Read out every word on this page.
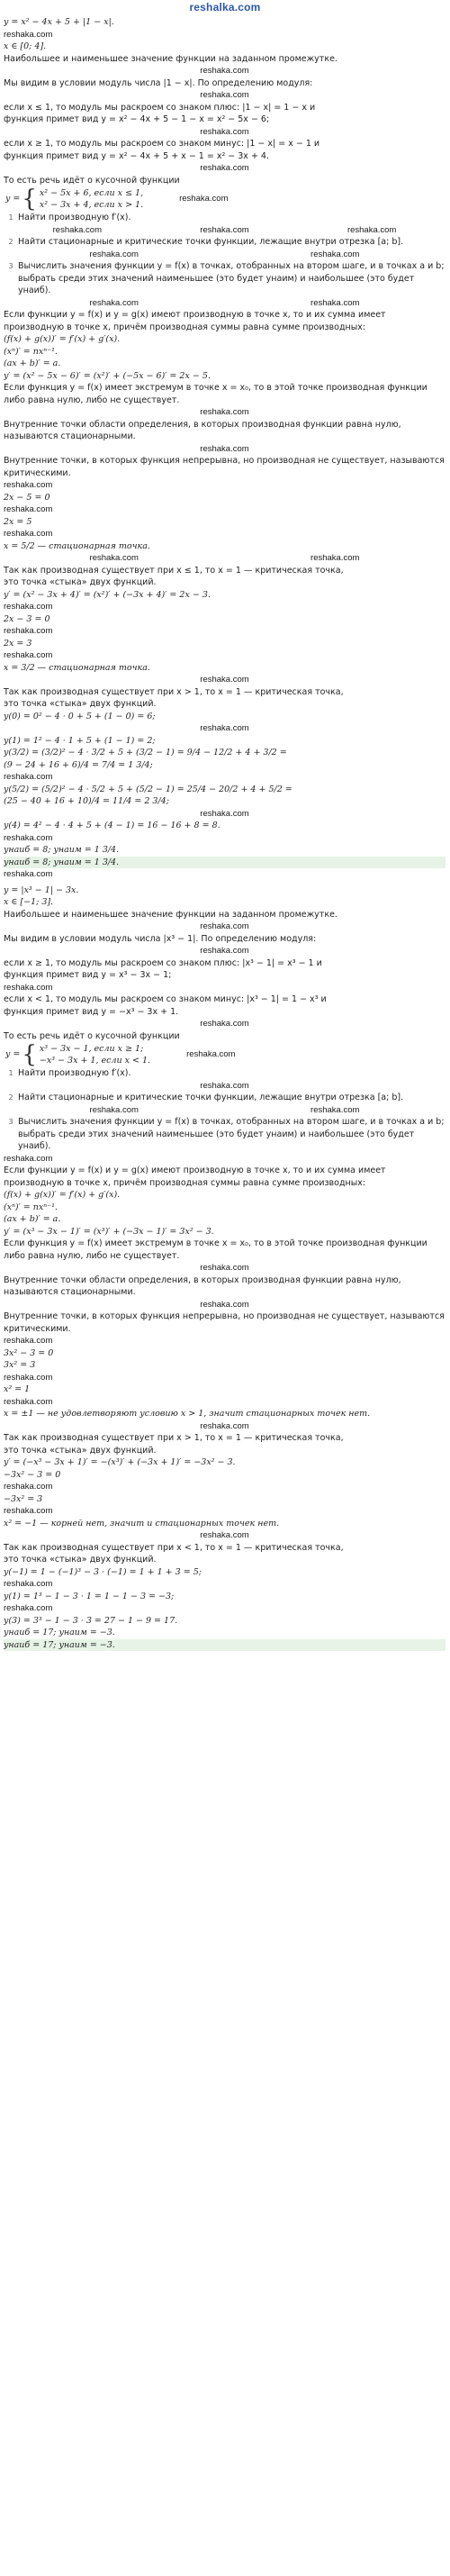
reshalka.com
y = x² − 4x + 5 + |1 − x|.
reshaka.com
x ∈ [0; 4].
Наибольшее и наименьшее значение функции на заданном промежутке.
reshaka.com
Мы видим в условии модуль числа |1 − x|. По определению модуля:
reshaka.com
если x ≤ 1, то модуль мы раскроем со знаком плюс: |1 − x| = 1 − x и
функция примет вид y = x² − 4x + 5 − 1 − x = x² − 5x − 6;
reshaka.com
если x ≥ 1, то модуль мы раскроем со знаком минус: |1 − x| = x − 1 и
функция примет вид y = x² − 4x + 5 + x − 1 = x² − 3x + 4.
reshaka.com
То есть речь идёт о кусочной функции
y = { x² − 5x + 6, если x ≤ 1,
x² − 3x + 4, если x > 1.
reshaka.com
1 Найти производную f′(x).
reshaka.com	reshaka.com	reshaka.com
2 Найти стационарные и критические точки функции, лежащие внутри отрезка [a; b].
reshaka.com	reshaka.com
3 Вычислить значения функции y = f(x) в точках, отобранных на втором шаге, и в точках a и b; выбрать среди этих значений наименьшее (это будет yнаим) и наибольшее (это будет yнаиб).
reshaka.com	reshaka.com
Если функции y = f(x) и y = g(x) имеют производную в точке x, то и их сумма имеет производную в точке x, причём производная суммы равна сумме производных:
(f(x) + g(x))′ = f′(x) + g′(x).
(xⁿ)′ = nxⁿ⁻¹.
(ax + b)′ = a.
y′ = (x² − 5x − 6)′ = (x²)′ + (−5x − 6)′ = 2x − 5.
Если функция y = f(x) имеет экстремум в точке x = x₀, то в этой точке производная функции либо равна нулю, либо не существует.
reshaka.com
Внутренние точки области определения, в которых производная функции равна нулю, называются стационарными.
reshaka.com
Внутренние точки, в которых функция непрерывна, но производная не существует, называются критическими.
reshaka.com
2x − 5 = 0
reshaka.com
2x = 5
reshaka.com
x = 5/2 — стационарная точка.
reshaka.com	reshaka.com
Так как производная существует при x ≤ 1, то x = 1 — критическая точка,
это точка «стыка» двух функций.
y′ = (x² − 3x + 4)′ = (x²)′ + (−3x + 4)′ = 2x − 3.
reshaka.com
2x − 3 = 0
reshaka.com
2x = 3
reshaka.com
x = 3/2 — стационарная точка.
reshaka.com
Так как производная существует при x > 1, то x = 1 — критическая точка,
это точка «стыка» двух функций.
y(0) = 0² − 4 · 0 + 5 + (1 − 0) = 6;
reshaka.com
y(1) = 1² − 4 · 1 + 5 + (1 − 1) = 2;
y(3/2) = (3/2)² − 4 · 3/2 + 5 + (3/2 − 1) = 9/4 − 12/2 + 4 + 3/2 =
(9 − 24 + 16 + 6)/4 = 7/4 = 1 3/4;
reshaka.com
y(5/2) = (5/2)² − 4 · 5/2 + 5 + (5/2 − 1) = 25/4 − 20/2 + 4 + 5/2 =
(25 − 40 + 16 + 10)/4 = 11/4 = 2 3/4;
reshaka.com
y(4) = 4² − 4 · 4 + 5 + (4 − 1) = 16 − 16 + 8 = 8.
reshaka.com
yнаиб = 8; yнаим = 1 3/4.
yнаиб = 8; yнаим = 1 3/4.
reshaka.com
y = |x³ − 1| − 3x.
x ∈ [−1; 3].
Наибольшее и наименьшее значение функции на заданном промежутке.
reshaka.com
Мы видим в условии модуль числа |x³ − 1|. По определению модуля:
reshaka.com
если x ≥ 1, то модуль мы раскроем со знаком плюс: |x³ − 1| = x³ − 1 и
функция примет вид y = x³ − 3x − 1;
reshaka.com
если x < 1, то модуль мы раскроем со знаком минус: |x³ − 1| = 1 − x³ и
функция примет вид y = −x³ − 3x + 1.
reshaka.com
То есть речь идёт о кусочной функции
y = { x³ − 3x − 1, если x ≥ 1;
−x³ − 3x + 1, если x < 1.
reshaka.com
1 Найти производную f′(x).
reshaka.com
2 Найти стационарные и критические точки функции, лежащие внутри отрезка [a; b].
reshaka.com	reshaka.com
3 Вычислить значения функции y = f(x) в точках, отобранных на втором шаге, и в точках a и b; выбрать среди этих значений наименьшее (это будет yнаим) и наибольшее (это будет yнаиб).
reshaka.com
Если функции y = f(x) и y = g(x) имеют производную в точке x, то и их сумма имеет производную в точке x, причём производная суммы равна сумме производных:
(f(x) + g(x))′ = f′(x) + g′(x).
(xⁿ)′ = nxⁿ⁻¹.
(ax + b)′ = a.
y′ = (x³ − 3x − 1)′ = (x³)′ + (−3x − 1)′ = 3x² − 3.
Если функция y = f(x) имеет экстремум в точке x = x₀, то в этой точке производная функции либо равна нулю, либо не существует.
reshaka.com
Внутренние точки области определения, в которых производная функции равна нулю, называются стационарными.
reshaka.com
Внутренние точки, в которых функция непрерывна, но производная не существует, называются критическими.
reshaka.com
3x² − 3 = 0
3x² = 3
reshaka.com
x² = 1
reshaka.com
x = ±1 — не удовлетворяют условию x > 1, значит стационарных точек нет.
reshaka.com
Так как производная существует при x > 1, то x = 1 — критическая точка,
это точка «стыка» двух функций.
y′ = (−x³ − 3x + 1)′ = −(x³)′ + (−3x + 1)′ = −3x² − 3.
−3x² − 3 = 0
reshaka.com
−3x² = 3
reshaka.com
x² = −1 — корней нет, значит и стационарных точек нет.
reshaka.com
Так как производная существует при x < 1, то x = 1 — критическая точка,
это точка «стыка» двух функций.
y(−1) = 1 − (−1)³ − 3 · (−1) = 1 + 1 + 3 = 5;
reshaka.com
y(1) = 1³ − 1 − 3 · 1 = 1 − 1 − 3 = −3;
reshaka.com
y(3) = 3³ − 1 − 3 · 3 = 27 − 1 − 9 = 17.
yнаиб = 17; yнаим = −3.
yнаиб = 17; yнаим = −3.
